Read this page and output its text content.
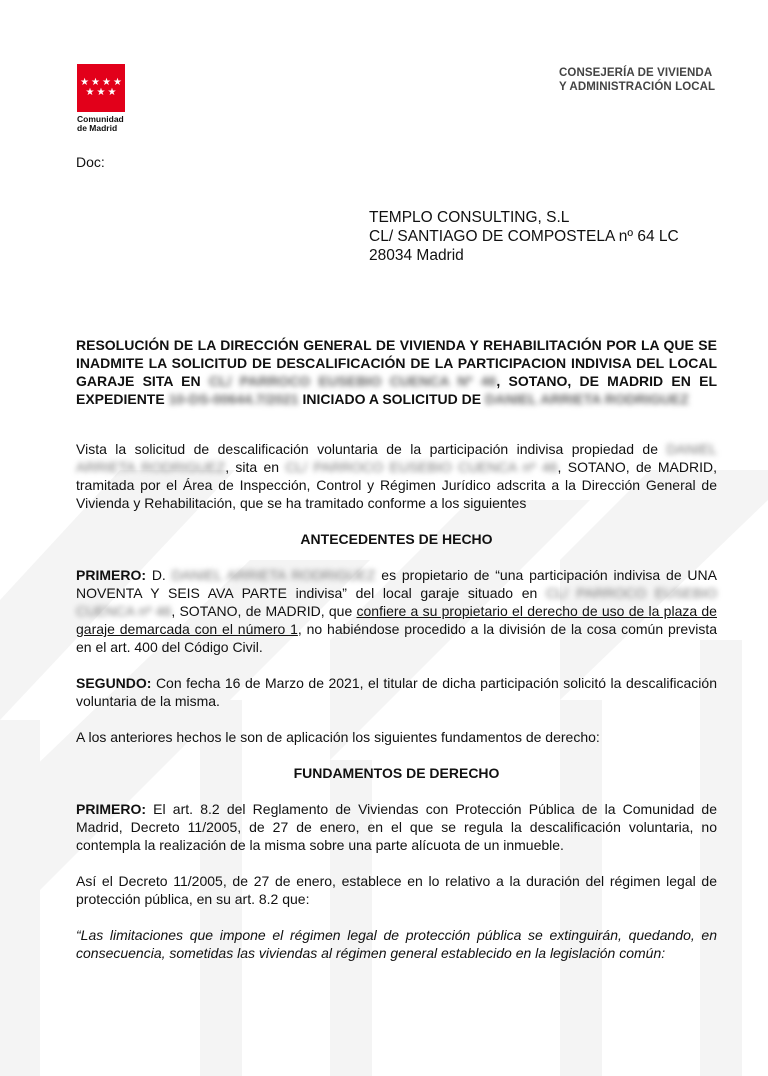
★ ★ ★ ★
★ ★ ★
Comunidad de Madrid
CONSEJERÍA DE VIVIENDA
Y ADMINISTRACIÓN LOCAL
Doc:
TEMPLO CONSULTING, S.L
CL/ SANTIAGO DE COMPOSTELA nº 64 LC
28034 Madrid

RESOLUCIÓN DE LA DIRECCIÓN GENERAL DE VIVIENDA Y REHABILITACIÓN POR LA QUE SE INADMITE LA SOLICITUD DE DESCALIFICACIÓN DE LA PARTICIPACION INDIVISA DEL LOCAL GARAJE SITA EN CL/ PARROCO EUSEBIO CUENCA Nº 46, SOTANO, DE MADRID EN EL EXPEDIENTE 10-DS-00644.7/2021 INICIADO A SOLICITUD DE DANIEL ARRIETA RODRIGUEZ

Vista la solicitud de descalificación voluntaria de la participación indivisa propiedad de DANIEL ARRIETA RODRIGUEZ, sita en CL/ PARROCO EUSEBIO CUENCA nº 46, SOTANO, de MADRID, tramitada por el Área de Inspección, Control y Régimen Jurídico adscrita a la Dirección General de Vivienda y Rehabilitación, que se ha tramitado conforme a los siguientes

ANTECEDENTES DE HECHO

PRIMERO: D. DANIEL ARRIETA RODRIGUEZ es propietario de “una participación indivisa de UNA NOVENTA Y SEIS AVA PARTE indivisa” del local garaje situado en CL/ PARROCO EUSEBIO CUENCA nº 46, SOTANO, de MADRID, que confiere a su propietario el derecho de uso de la plaza de garaje demarcada con el número 1, no habiéndose procedido a la división de la cosa común prevista en el art. 400 del Código Civil.

SEGUNDO: Con fecha 16 de Marzo de 2021, el titular de dicha participación solicitó la descalificación voluntaria de la misma.

A los anteriores hechos le son de aplicación los siguientes fundamentos de derecho:

FUNDAMENTOS DE DERECHO

PRIMERO: El art. 8.2 del Reglamento de Viviendas con Protección Pública de la Comunidad de Madrid, Decreto 11/2005, de 27 de enero, en el que se regula la descalificación voluntaria, no contempla la realización de la misma sobre una parte alícuota de un inmueble.

Así el Decreto 11/2005, de 27 de enero, establece en lo relativo a la duración del régimen legal de protección pública, en su art. 8.2 que:

“Las limitaciones que impone el régimen legal de protección pública se extinguirán, quedando, en consecuencia, sometidas las viviendas al régimen general establecido en la legislación común:
